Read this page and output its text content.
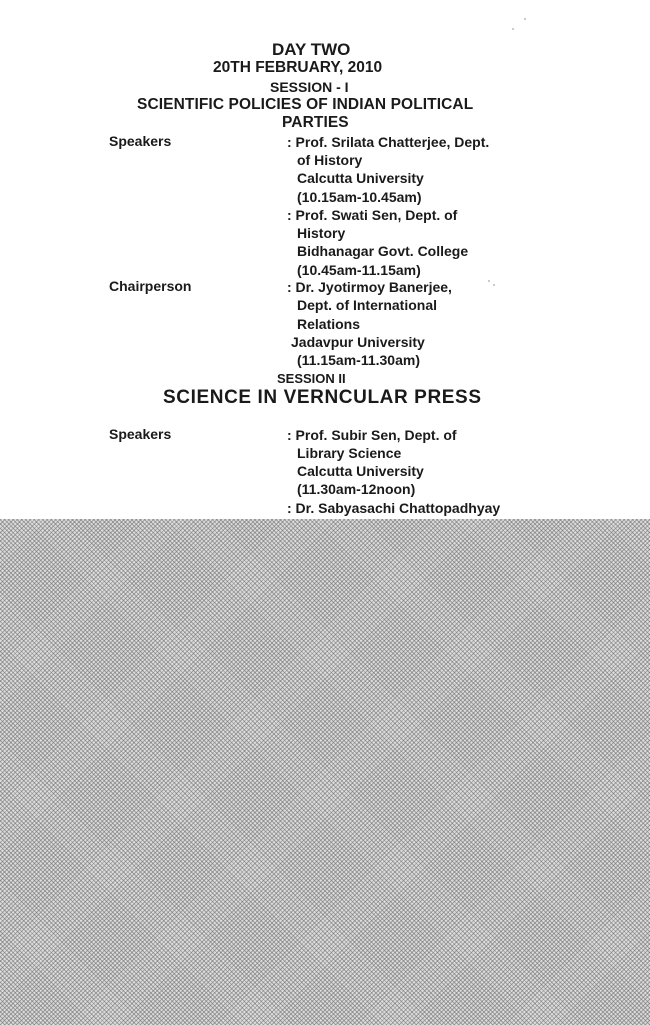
DAY TWO
20TH FEBRUARY, 2010
SESSION - I
SCIENTIFIC POLICIES OF INDIAN POLITICAL
PARTIES
Speakers	: Prof. Srilata Chatterjee, Dept.
of History
Calcutta University
(10.15am-10.45am)
: Prof. Swati Sen, Dept. of
History
Bidhanagar Govt. College
(10.45am-11.15am)
Chairperson	: Dr. Jyotirmoy Banerjee,
Dept. of International
Relations
Jadavpur University
(11.15am-11.30am)
SESSION II
SCIENCE IN VERNCULAR PRESS
Speakers	: Prof. Subir Sen, Dept. of
Library Science
Calcutta University
(11.30am-12noon)
: Dr. Sabyasachi Chattopadhyay
